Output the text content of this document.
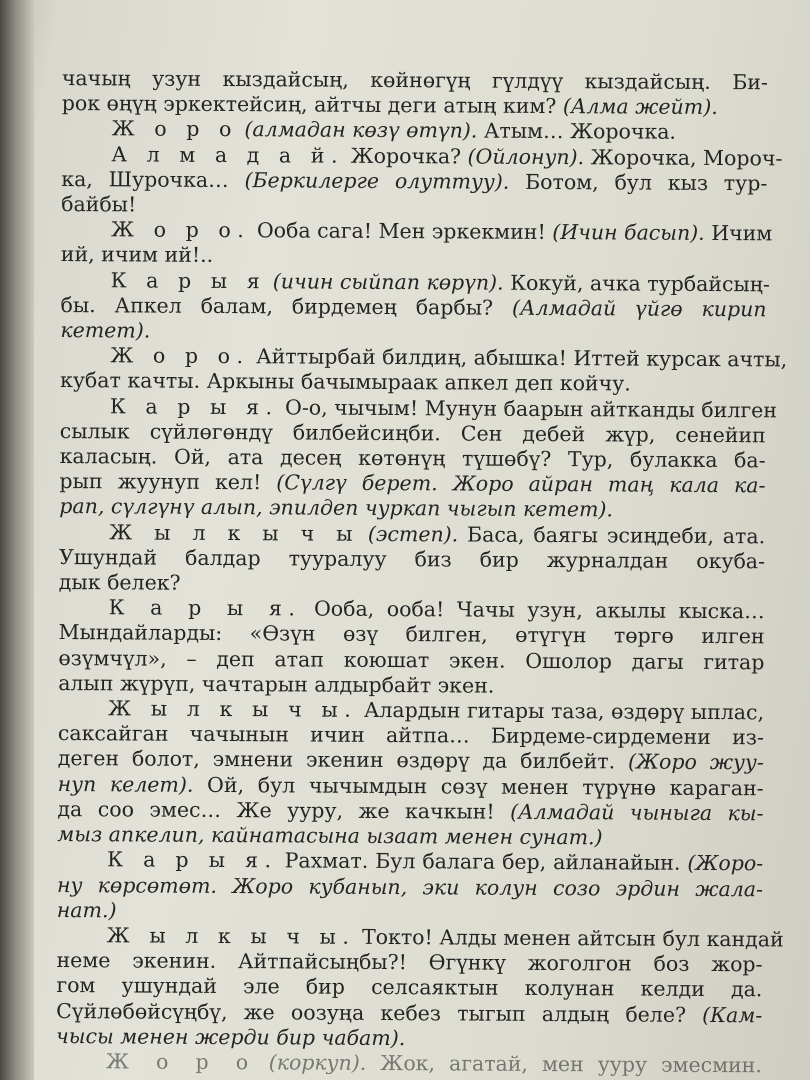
чачың узун кыздайсың, көйнөгүң гүлдүү кыздайсың. Би-
рок өңүң эркектейсиң, айтчы деги атың ким? (Алма жейт).
Ж о р о (алмадан көзү өтүп). Атым… Жорочка.
А л м а д а й. Жорочка? (Ойлонуп). Жорочка, Мороч-
ка, Шурочка… (Беркилерге олуттуу). Ботом, бул кыз тур-
байбы!
Ж о р о. Ооба сага! Мен эркекмин! (Ичин басып). Ичим
ий, ичим ий!..
К а р ы я (ичин сыйпап көрүп). Кокуй, ачка турбайсың-
бы. Апкел балам, бирдемең барбы? (Алмадай үйгө кирип
кетет).
Ж о р о. Айттырбай билдиң, абышка! Иттей курсак ачты,
кубат качты. Аркыны бачымыраак апкел деп койчу.
К а р ы я. О-о, чычым! Мунун баарын айтканды билген
сылык сүйлөгөндү билбейсиңби. Сен дебей жүр, сенейип
каласың. Ой, ата десең көтөнүң түшөбү? Тур, булакка ба-
рып жуунуп кел! (Сүлгү берет. Жоро айран таң кала ка-
рап, сүлгүнү алып, эпилдеп чуркап чыгып кетет).
Ж ы л к ы ч ы (эстеп). Баса, баягы эсиңдеби, ата.
Ушундай балдар тууралуу биз бир журналдан окуба-
дык белек?
К а р ы я. Ооба, ооба! Чачы узун, акылы кыска…
Мындайларды: «Өзүн өзү билген, өтүгүн төргө илген
өзүмчүл», – деп атап коюшат экен. Ошолор дагы гитар
алып жүрүп, чачтарын алдырбайт экен.
Ж ы л к ы ч ы. Алардын гитары таза, өздөрү ыплас,
саксайган чачынын ичин айтпа… Бирдеме-сирдемени из-
деген болот, эмнени экенин өздөрү да билбейт. (Жоро жуу-
нуп келет). Ой, бул чычымдын сөзү менен түрүнө караган-
да соо эмес… Же ууру, же качкын! (Алмадай чыныга кы-
мыз апкелип, кайнатасына ызаат менен сунат.)
К а р ы я. Рахмат. Бул балага бер, айланайын. (Жоро-
ну көрсөтөт. Жоро кубанып, эки колун созо эрдин жала-
нат.)
Ж ы л к ы ч ы. Токто! Алды менен айтсын бул кандай
неме экенин. Айтпайсыңбы?! Өгүнкү жоголгон боз жор-
гом ушундай эле бир селсаяктын колунан келди да.
Сүйлөбөйсүңбү, же оозуңа кебез тыгып алдың беле? (Кам-
чысы менен жерди бир чабат).
Ж о р о (коркуп). Жок, агатай, мен ууру эмесмин.
